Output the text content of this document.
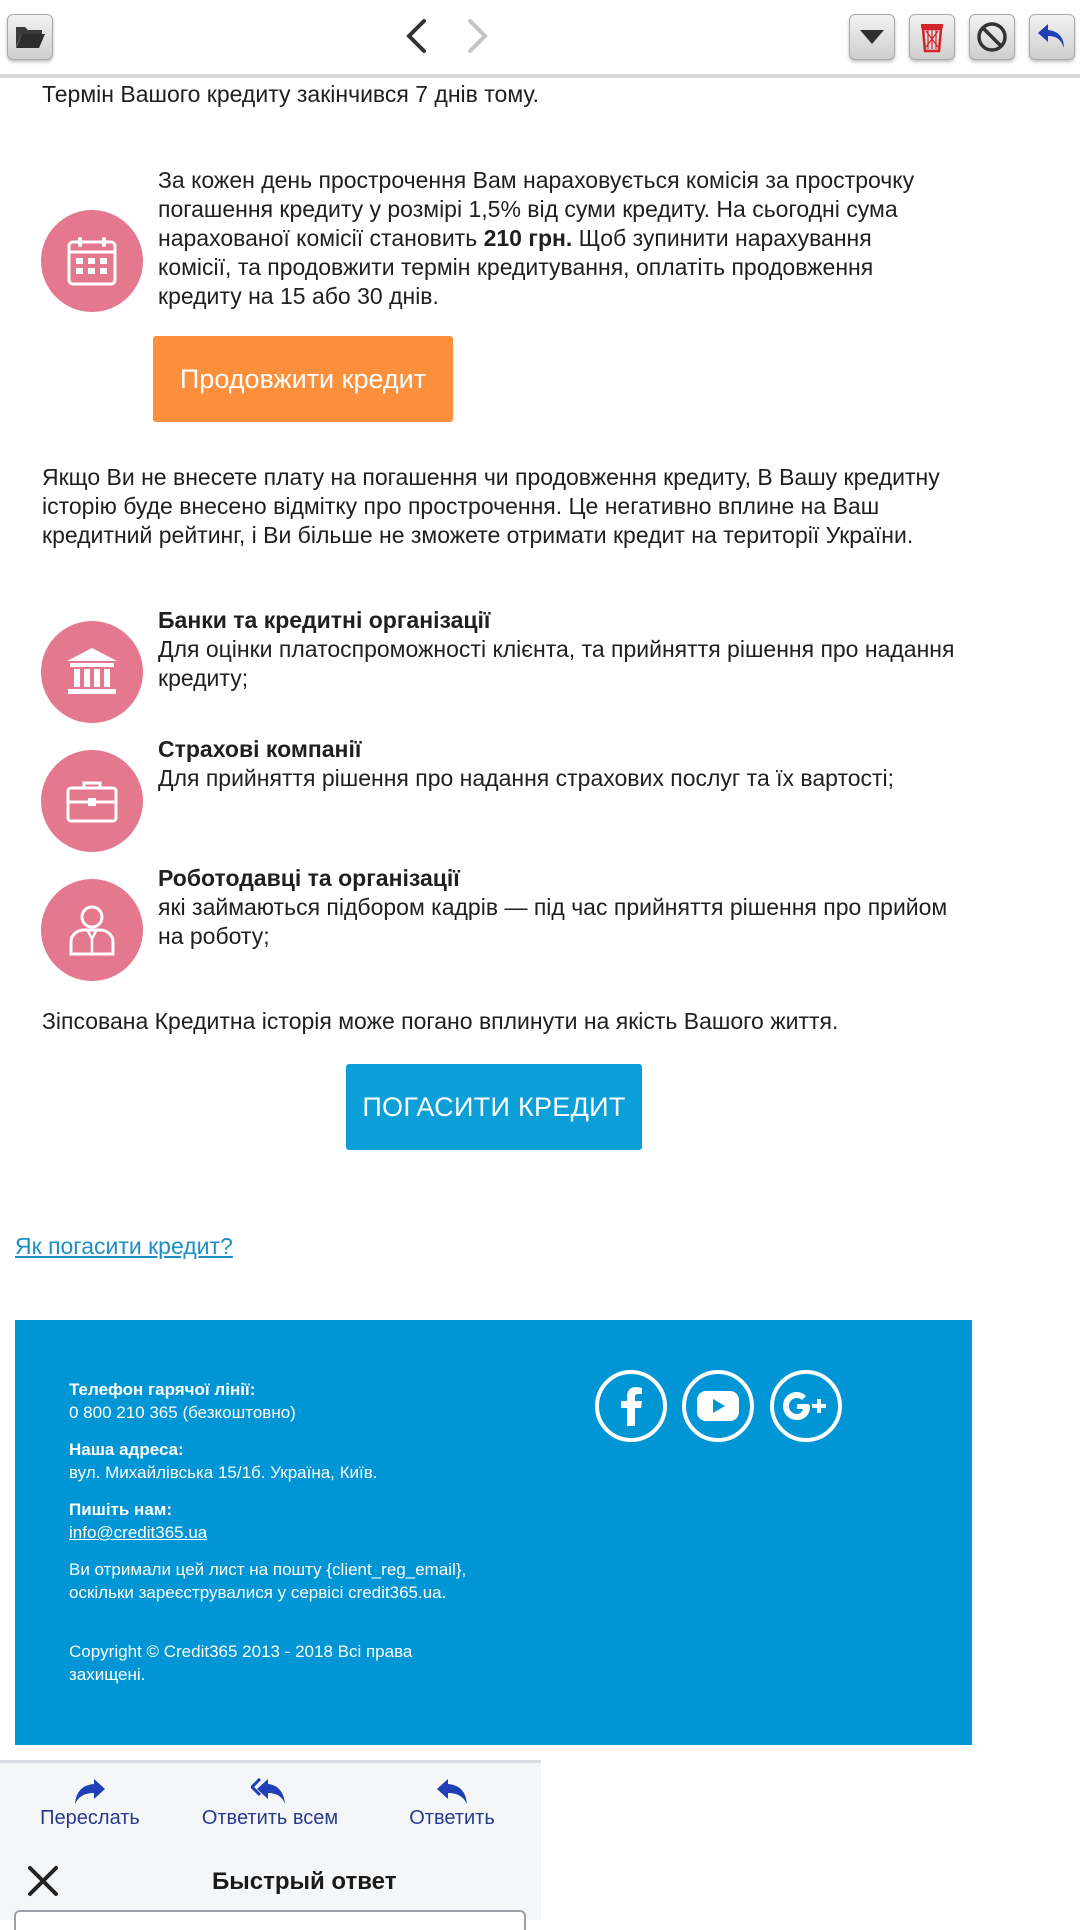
Термін Вашого кредиту закінчився 7 днів тому.
За кожен день прострочення Вам нараховується комісія за прострочку погашення кредиту у розмірі 1,5% від суми кредиту. На сьогодні сума нарахованої комісії становить 210 грн. Щоб зупинити нарахування комісії, та продовжити термін кредитування, оплатіть продовження кредиту на 15 або 30 днів.
Продовжити кредит
Якщо Ви не внесете плату на погашення чи продовження кредиту, В Вашу кредитну історію буде внесено відмітку про прострочення. Це негативно вплине на Ваш кредитний рейтинг, і Ви більше не зможете отримати кредит на території України.
Банки та кредитні організації
Для оцінки платоспроможності клієнта, та прийняття рішення про надання кредиту;
Страхові компанії
Для прийняття рішення про надання страхових послуг та їх вартості;
Роботодавці та організації
які займаються підбором кадрів — під час прийняття рішення про прийом на роботу;
Зіпсована Кредитна історія може погано вплинути на якість Вашого життя.
ПОГАСИТИ КРЕДИТ
Як погасити кредит?
Телефон гарячої лінії:
0 800 210 365 (безкоштовно)
Наша адреса:
вул. Михайлівська 15/1б. Україна, Київ.
Пишіть нам:
info@credit365.ua
Ви отримали цей лист на пошту {client_reg_email}, оскільки зареєструвалися у сервісі credit365.ua.
Copyright © Credit365 2013 - 2018 Всі права захищені.
Переслать	Ответить всем	Ответить
Быстрый ответ
